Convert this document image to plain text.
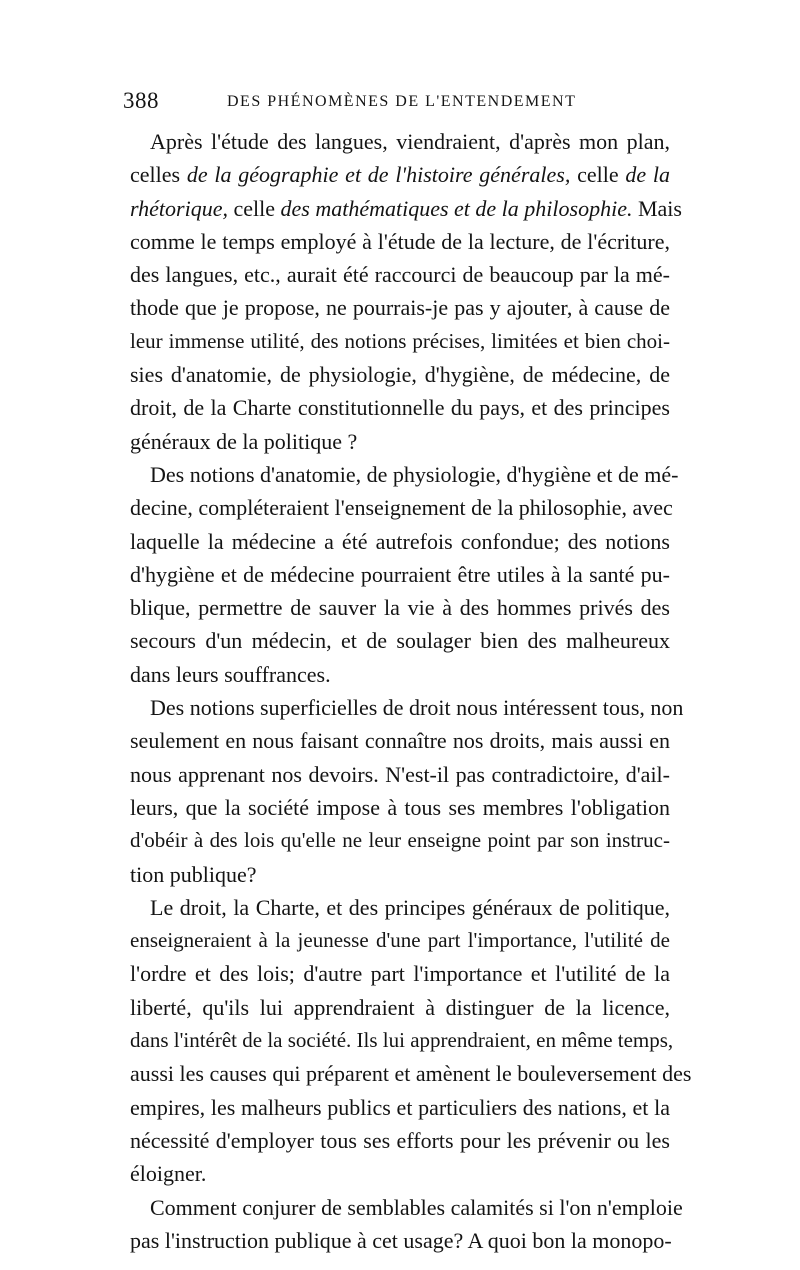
388	DES PHÉNOMÈNES DE L'ENTENDEMENT
Après l'étude des langues, viendraient, d'après mon plan,
celles de la géographie et de l'histoire générales, celle de la
rhétorique, celle des mathématiques et de la philosophie. Mais
comme le temps employé à l'étude de la lecture, de l'écriture,
des langues, etc., aurait été raccourci de beaucoup par la mé-
thode que je propose, ne pourrais-je pas y ajouter, à cause de
leur immense utilité, des notions précises, limitées et bien choi-
sies d'anatomie, de physiologie, d'hygiène, de médecine, de
droit, de la Charte constitutionnelle du pays, et des principes
généraux de la politique ?
Des notions d'anatomie, de physiologie, d'hygiène et de mé-
decine, compléteraient l'enseignement de la philosophie, avec
laquelle la médecine a été autrefois confondue; des notions
d'hygiène et de médecine pourraient être utiles à la santé pu-
blique, permettre de sauver la vie à des hommes privés des
secours d'un médecin, et de soulager bien des malheureux
dans leurs souffrances.
Des notions superficielles de droit nous intéressent tous, non
seulement en nous faisant connaître nos droits, mais aussi en
nous apprenant nos devoirs. N'est-il pas contradictoire, d'ail-
leurs, que la société impose à tous ses membres l'obligation
d'obéir à des lois qu'elle ne leur enseigne point par son instruc-
tion publique?
Le droit, la Charte, et des principes généraux de politique,
enseigneraient à la jeunesse d'une part l'importance, l'utilité de
l'ordre et des lois; d'autre part l'importance et l'utilité de la
liberté, qu'ils lui apprendraient à distinguer de la licence,
dans l'intérêt de la société. Ils lui apprendraient, en même temps,
aussi les causes qui préparent et amènent le bouleversement des
empires, les malheurs publics et particuliers des nations, et la
nécessité d'employer tous ses efforts pour les prévenir ou les
éloigner.
Comment conjurer de semblables calamités si l'on n'emploie
pas l'instruction publique à cet usage? A quoi bon la monopo-
